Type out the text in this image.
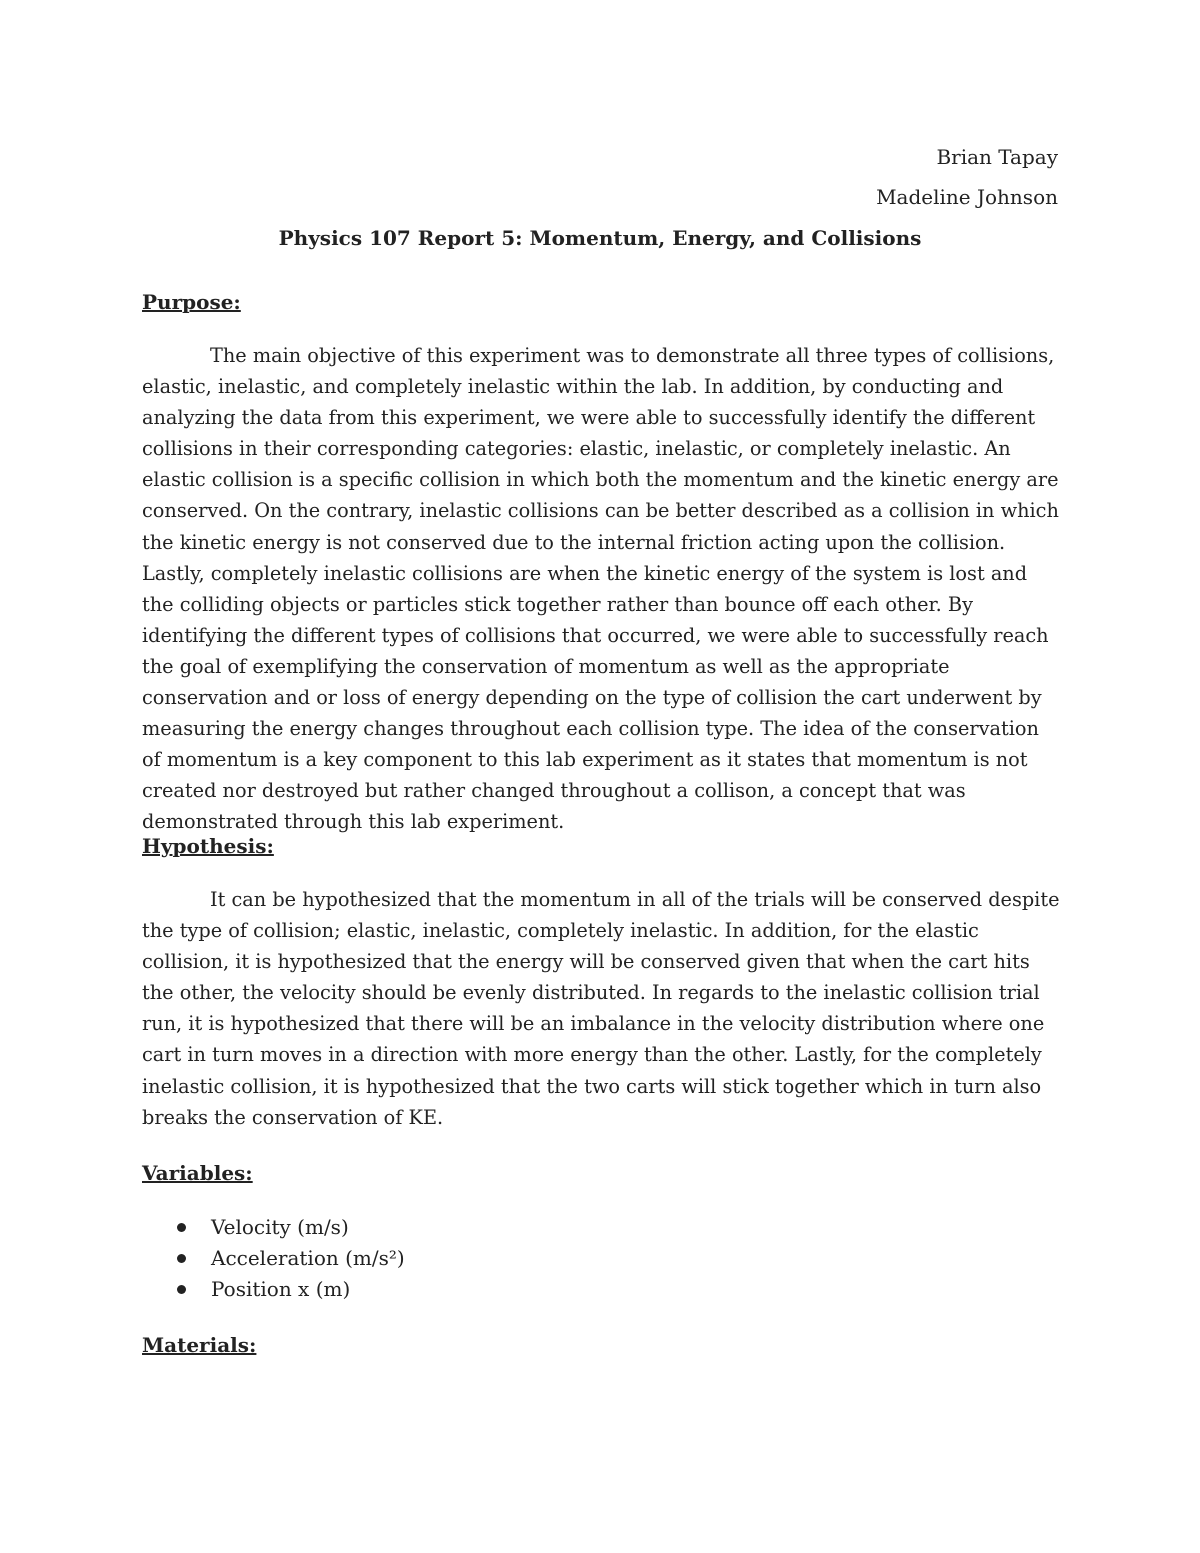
Brian Tapay
Madeline Johnson
Physics 107 Report 5: Momentum, Energy, and Collisions
Purpose:

The main objective of this experiment was to demonstrate all three types of collisions, elastic, inelastic, and completely inelastic within the lab. In addition, by conducting and analyzing the data from this experiment, we were able to successfully identify the different collisions in their corresponding categories: elastic, inelastic, or completely inelastic. An elastic collision is a specific collision in which both the momentum and the kinetic energy are conserved. On the contrary, inelastic collisions can be better described as a collision in which the kinetic energy is not conserved due to the internal friction acting upon the collision. Lastly, completely inelastic collisions are when the kinetic energy of the system is lost and the colliding objects or particles stick together rather than bounce off each other. By identifying the different types of collisions that occurred, we were able to successfully reach the goal of exemplifying the conservation of momentum as well as the appropriate conservation and or loss of energy depending on the type of collision the cart underwent by measuring the energy changes throughout each collision type. The idea of the conservation of momentum is a key component to this lab experiment as it states that momentum is not created nor destroyed but rather changed throughout a collison, a concept that was demonstrated through this lab experiment.

Hypothesis:

It can be hypothesized that the momentum in all of the trials will be conserved despite the type of collision; elastic, inelastic, completely inelastic. In addition, for the elastic collision, it is hypothesized that the energy will be conserved given that when the cart hits the other, the velocity should be evenly distributed. In regards to the inelastic collision trial run, it is hypothesized that there will be an imbalance in the velocity distribution where one cart in turn moves in a direction with more energy than the other. Lastly, for the completely inelastic collision, it is hypothesized that the two carts will stick together which in turn also breaks the conservation of KE.

Variables:
Velocity (m/s)
Acceleration (m/s²)
Position x (m)
Materials:
